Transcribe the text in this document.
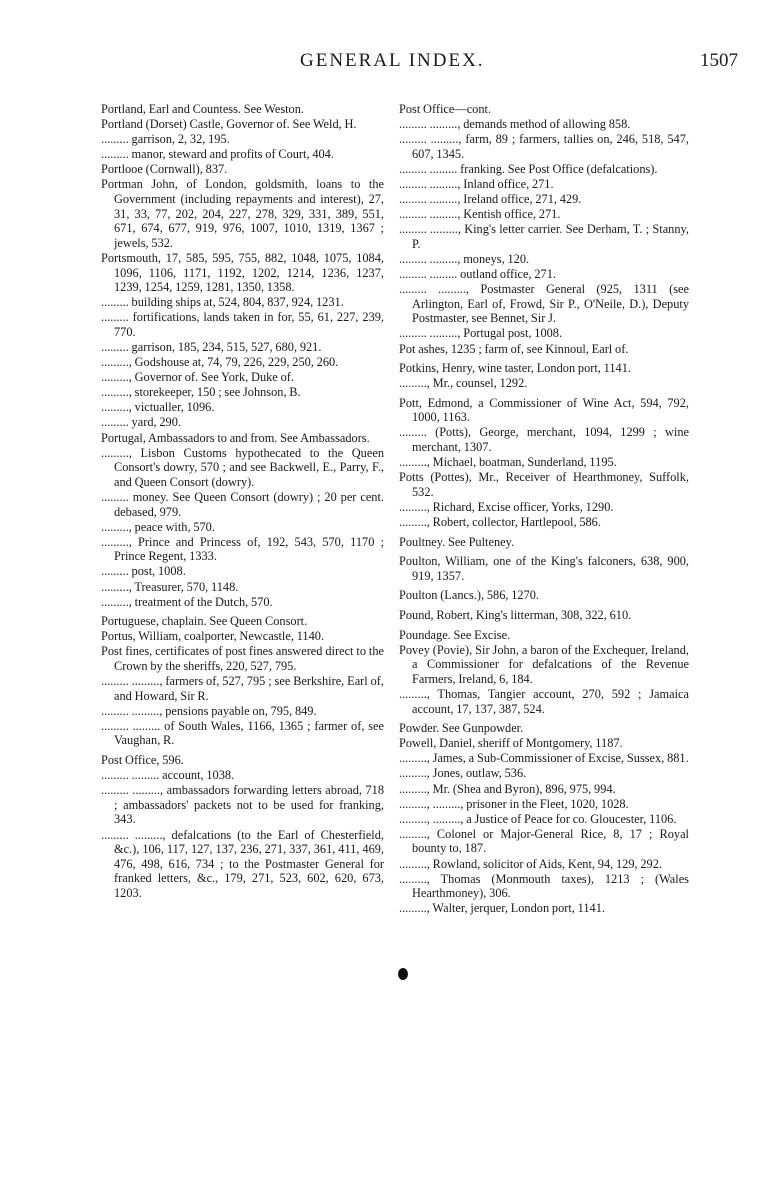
GENERAL INDEX.	1507

Portland, Earl and Countess. See Weston.

Portland (Dorset) Castle, Governor of. See Weld, H.

......... garrison, 2, 32, 195.

......... manor, steward and profits of Court, 404.

Portlooe (Cornwall), 837.

Portman John, of London, goldsmith, loans to the Government (including repayments and interest), 27, 31, 33, 77, 202, 204, 227, 278, 329, 331, 389, 551, 671, 674, 677, 919, 976, 1007, 1010, 1319, 1367 ; jewels, 532.

Portsmouth, 17, 585, 595, 755, 882, 1048, 1075, 1084, 1096, 1106, 1171, 1192, 1202, 1214, 1236, 1237, 1239, 1254, 1259, 1281, 1350, 1358.

......... building ships at, 524, 804, 837, 924, 1231.

......... fortifications, lands taken in for, 55, 61, 227, 239, 770.

......... garrison, 185, 234, 515, 527, 680, 921.

........., Godshouse at, 74, 79, 226, 229, 250, 260.

........., Governor of. See York, Duke of.

........., storekeeper, 150 ; see Johnson, B.

........., victualler, 1096.

......... yard, 290.

Portugal, Ambassadors to and from. See Ambassadors.

........., Lisbon Customs hypothecated to the Queen Consort's dowry, 570 ; and see Backwell, E., Parry, F., and Queen Consort (dowry).

......... money. See Queen Consort (dowry) ; 20 per cent. debased, 979.

........., peace with, 570.

........., Prince and Princess of, 192, 543, 570, 1170 ; Prince Regent, 1333.

......... post, 1008.

........., Treasurer, 570, 1148.

........., treatment of the Dutch, 570.

Portuguese, chaplain. See Queen Consort.

Portus, William, coalporter, Newcastle, 1140.

Post fines, certificates of post fines answered direct to the Crown by the sheriffs, 220, 527, 795.

......... ........., farmers of, 527, 795 ; see Berkshire, Earl of, and Howard, Sir R.

......... ........., pensions payable on, 795, 849.

......... ......... of South Wales, 1166, 1365 ; farmer of, see Vaughan, R.

Post Office, 596.

......... ......... account, 1038.

......... ........., ambassadors forwarding letters abroad, 718 ; ambassadors' packets not to be used for franking, 343.

......... ........., defalcations (to the Earl of Chesterfield, &c.), 106, 117, 127, 137, 236, 271, 337, 361, 411, 469, 476, 498, 616, 734 ; to the Postmaster General for franked letters, &c., 179, 271, 523, 602, 620, 673, 1203.

Post Office—cont.

......... ........., demands method of allowing 858.

......... ........., farm, 89 ; farmers, tallies on, 246, 518, 547, 607, 1345.

......... ......... franking. See Post Office (defalcations).

......... ........., Inland office, 271.

......... ........., Ireland office, 271, 429.

......... ........., Kentish office, 271.

......... ........., King's letter carrier. See Derham, T. ; Stanny, P.

......... ........., moneys, 120.

......... ......... outland office, 271.

......... ........., Postmaster General (925, 1311 (see Arlington, Earl of, Frowd, Sir P., O'Neile, D.), Deputy Postmaster, see Bennet, Sir J.

......... ........., Portugal post, 1008.

Pot ashes, 1235 ; farm of, see Kinnoul, Earl of.

Potkins, Henry, wine taster, London port, 1141.

........., Mr., counsel, 1292.

Pott, Edmond, a Commissioner of Wine Act, 594, 792, 1000, 1163.

......... (Potts), George, merchant, 1094, 1299 ; wine merchant, 1307.

........., Michael, boatman, Sunderland, 1195.

Potts (Pottes), Mr., Receiver of Hearthmoney, Suffolk, 532.

........., Richard, Excise officer, Yorks, 1290.

........., Robert, collector, Hartlepool, 586.

Poultney. See Pulteney.

Poulton, William, one of the King's falconers, 638, 900, 919, 1357.

Poulton (Lancs.), 586, 1270.

Pound, Robert, King's litterman, 308, 322, 610.

Poundage. See Excise.

Povey (Povie), Sir John, a baron of the Exchequer, Ireland, a Commissioner for defalcations of the Revenue Farmers, Ireland, 6, 184.

........., Thomas, Tangier account, 270, 592 ; Jamaica account, 17, 137, 387, 524.

Powder. See Gunpowder.

Powell, Daniel, sheriff of Montgomery, 1187.

........., James, a Sub-Commissioner of Excise, Sussex, 881.

........., Jones, outlaw, 536.

........., Mr. (Shea and Byron), 896, 975, 994.

........., ........., prisoner in the Fleet, 1020, 1028.

........., ........., a Justice of Peace for co. Gloucester, 1106.

........., Colonel or Major-General Rice, 8, 17 ; Royal bounty to, 187.

........., Rowland, solicitor of Aids, Kent, 94, 129, 292.

........., Thomas (Monmouth taxes), 1213 ; (Wales Hearthmoney), 306.

........., Walter, jerquer, London port, 1141.
